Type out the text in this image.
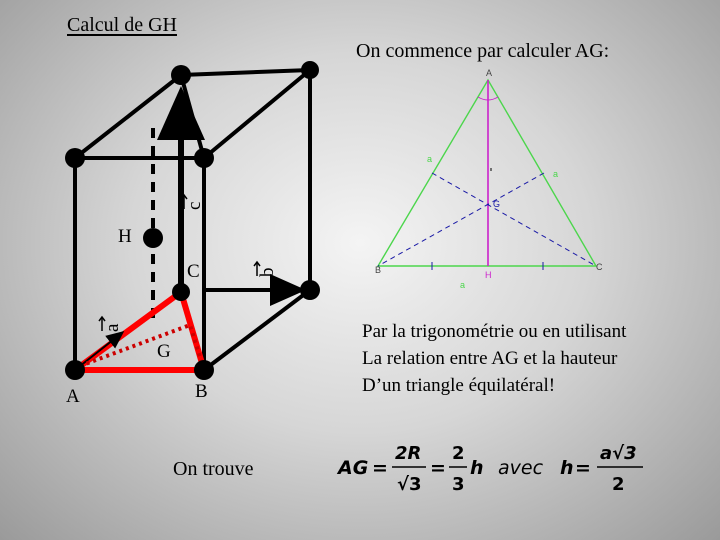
Calcul de GH
On commence par calculer AG:
Par la trigonométrie ou en utilisant
La relation entre AG et la hauteur
D’un triangle équilatéral!
On trouve
c
b
a
H
C
G
A	B
A
B	C
H
G
a
a
a
AG =
2R
√3
=
2
3
h avec h =
a√3
2
